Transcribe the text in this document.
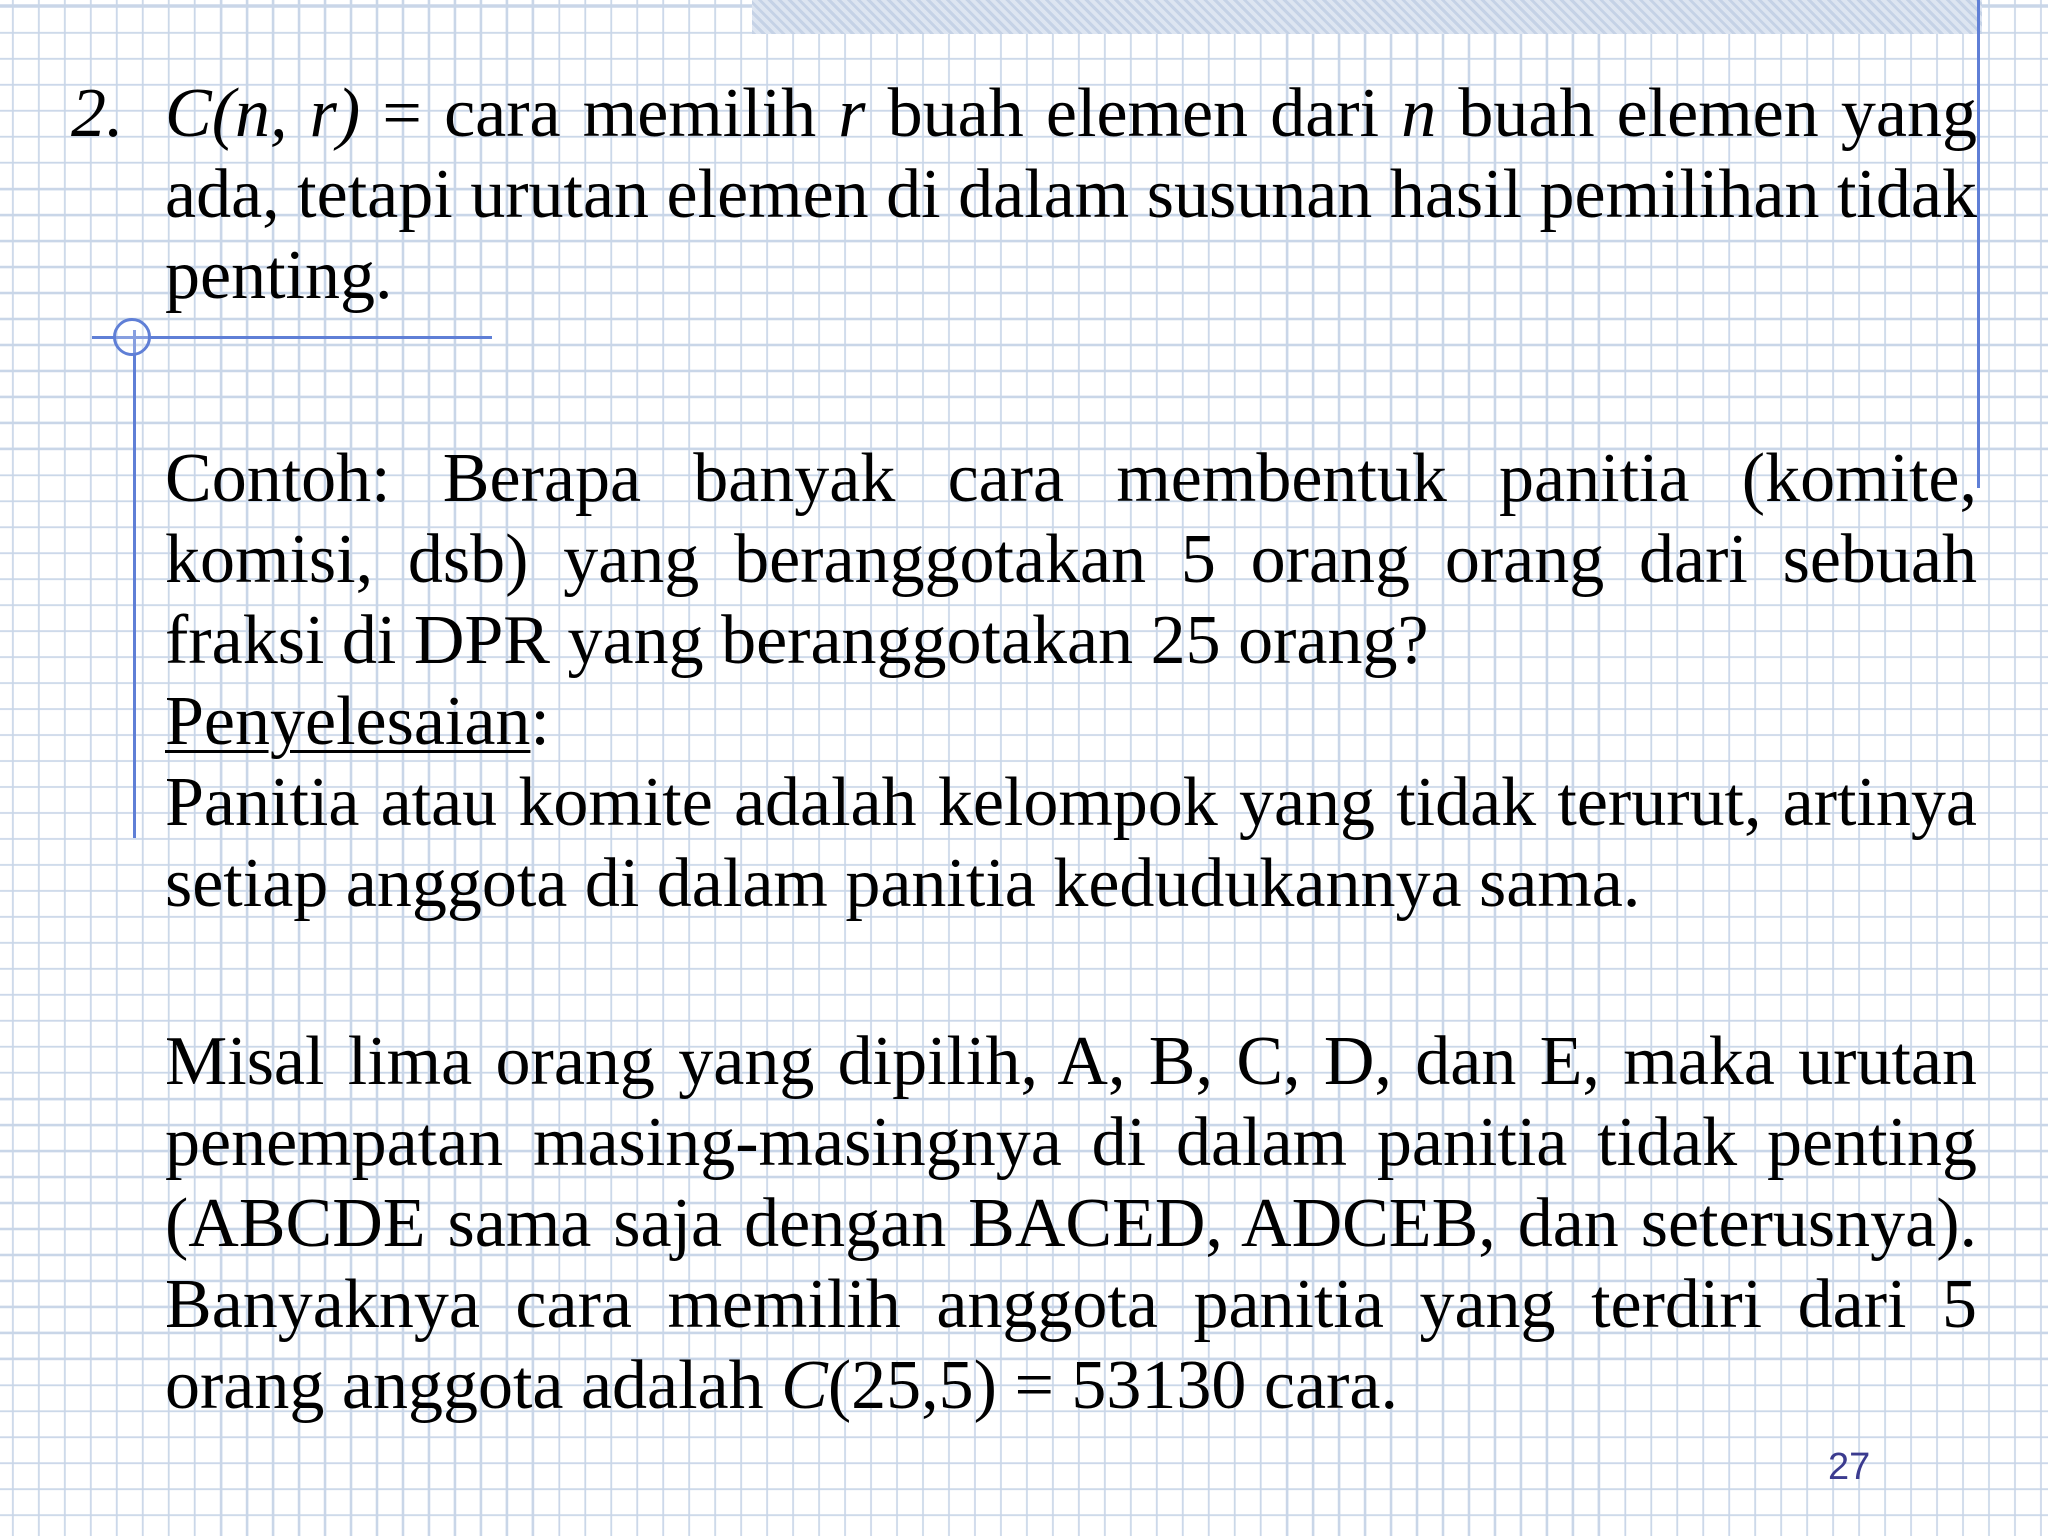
2. C(n, r) = cara memilih r buah elemen dari n buah elemen yang ada, tetapi urutan elemen di dalam susunan hasil pemilihan tidak penting.

Contoh: Berapa banyak cara membentuk panitia (komite, komisi, dsb) yang beranggotakan 5 orang orang dari sebuah fraksi di DPR yang beranggotakan 25 orang?

Penyelesaian:

Panitia atau komite adalah kelompok yang tidak terurut, artinya setiap anggota di dalam panitia kedudukannya sama.

Misal lima orang yang dipilih, A, B, C, D, dan E, maka urutan penempatan masing-masingnya di dalam panitia tidak penting (ABCDE sama saja dengan BACED, ADCEB, dan seterusnya). Banyaknya cara memilih anggota panitia yang terdiri dari 5 orang anggota adalah C(25,5) = 53130 cara.

27
